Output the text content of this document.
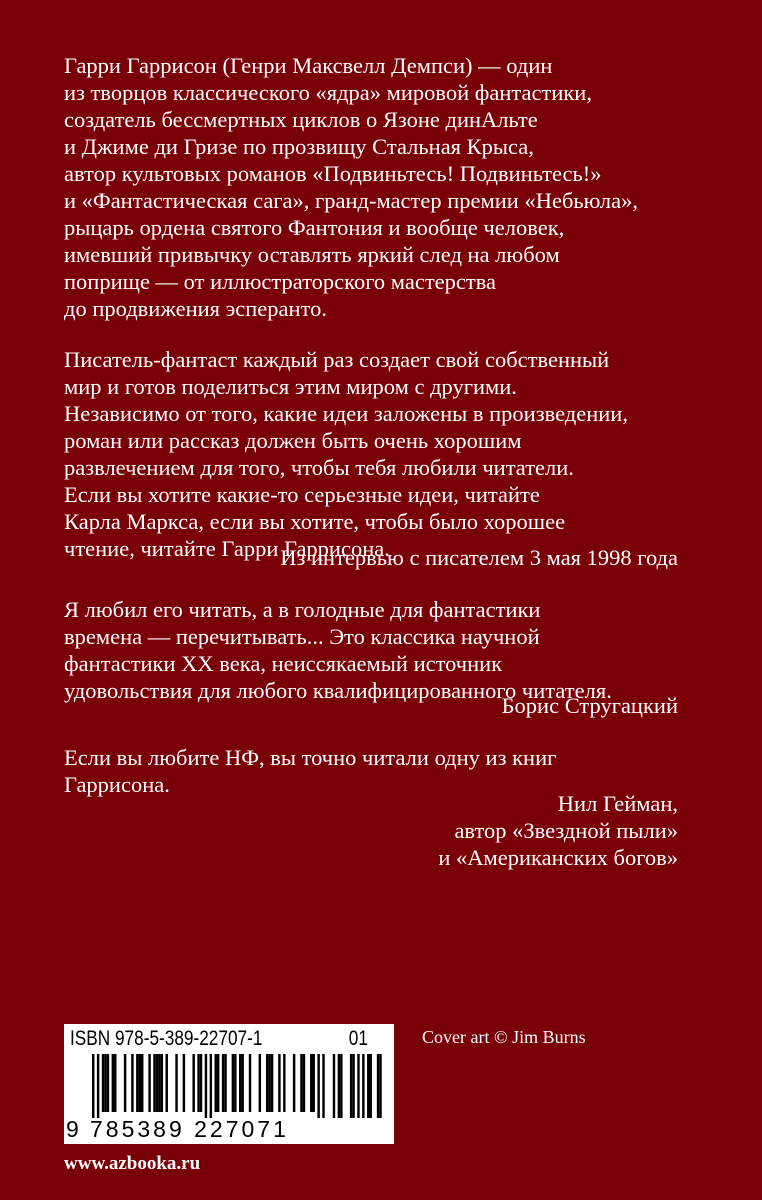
Гарри Гаррисон (Генри Максвелл Демпси) — один
из творцов классического «ядра» мировой фантастики,
создатель бессмертных циклов о Язоне динАльте
и Джиме ди Гризе по прозвищу Стальная Крыса,
автор культовых романов «Подвиньтесь! Подвиньтесь!»
и «Фантастическая сага», гранд-мастер премии «Небьюла»,
рыцарь ордена святого Фантония и вообще человек,
имевший привычку оставлять яркий след на любом
поприще — от иллюстраторского мастерства
до продвижения эсперанто.
Писатель-фантаст каждый раз создает свой собственный
мир и готов поделиться этим миром с другими.
Независимо от того, какие идеи заложены в произведении,
роман или рассказ должен быть очень хорошим
развлечением для того, чтобы тебя любили читатели.
Если вы хотите какие-то серьезные идеи, читайте
Карла Маркса, если вы хотите, чтобы было хорошее
чтение, читайте Гарри Гаррисона.
Из интервью с писателем 3 мая 1998 года
Я любил его читать, а в голодные для фантастики
времена — перечитывать... Это классика научной
фантастики XX века, неиссякаемый источник
удовольствия для любого квалифицированного читателя.
Борис Стругацкий
Если вы любите НФ, вы точно читали одну из книг
Гаррисона.
Нил Гейман,
автор «Звездной пыли»
и «Американских богов»
ISBN 978-5-389-22707-1	01
9 785389 227071
Cover art © Jim Burns
www.azbooka.ru
